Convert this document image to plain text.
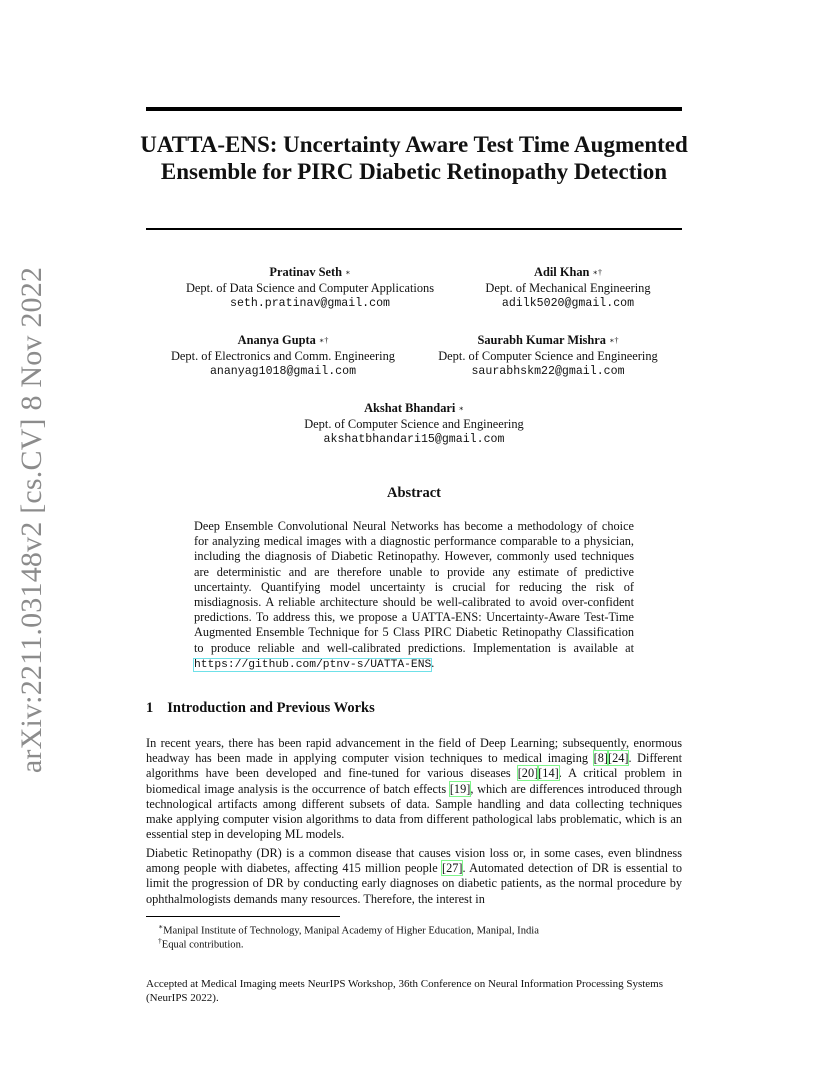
arXiv:2211.03148v2 [cs.CV] 8 Nov 2022
UATTA-ENS: Uncertainty Aware Test Time Augmented Ensemble for PIRC Diabetic Retinopathy Detection
Pratinav Seth ∗
Dept. of Data Science and Computer Applications
seth.pratinav@gmail.com
Adil Khan ∗†
Dept. of Mechanical Engineering
adilk5020@gmail.com
Ananya Gupta ∗†
Dept. of Electronics and Comm. Engineering
ananyag1018@gmail.com
Saurabh Kumar Mishra ∗†
Dept. of Computer Science and Engineering
saurabhskm22@gmail.com
Akshat Bhandari ∗
Dept. of Computer Science and Engineering
akshatbhandari15@gmail.com
Abstract
Deep Ensemble Convolutional Neural Networks has become a methodology of choice for analyzing medical images with a diagnostic performance comparable to a physician, including the diagnosis of Diabetic Retinopathy. However, commonly used techniques are deterministic and are therefore unable to provide any estimate of predictive uncertainty. Quantifying model uncertainty is crucial for reducing the risk of misdiagnosis. A reliable architecture should be well-calibrated to avoid over-confident predictions. To address this, we propose a UATTA-ENS: Uncertainty-Aware Test-Time Augmented Ensemble Technique for 5 Class PIRC Diabetic Retinopathy Classification to produce reliable and well-calibrated predictions. Implementation is available at https://github.com/ptnv-s/UATTA-ENS.
1 Introduction and Previous Works
In recent years, there has been rapid advancement in the field of Deep Learning; subsequently, enormous headway has been made in applying computer vision techniques to medical imaging [8][24]. Different algorithms have been developed and fine-tuned for various diseases [20][14]. A critical problem in biomedical image analysis is the occurrence of batch effects [19], which are differences introduced through technological artifacts among different subsets of data. Sample handling and data collecting techniques make applying computer vision algorithms to data from different pathological labs problematic, which is an essential step in developing ML models.
Diabetic Retinopathy (DR) is a common disease that causes vision loss or, in some cases, even blindness among people with diabetes, affecting 415 million people [27]. Automated detection of DR is essential to limit the progression of DR by conducting early diagnoses on diabetic patients, as the normal procedure by ophthalmologists demands many resources. Therefore, the interest in
∗Manipal Institute of Technology, Manipal Academy of Higher Education, Manipal, India
†Equal contribution.
Accepted at Medical Imaging meets NeurIPS Workshop, 36th Conference on Neural Information Processing Systems (NeurIPS 2022).
